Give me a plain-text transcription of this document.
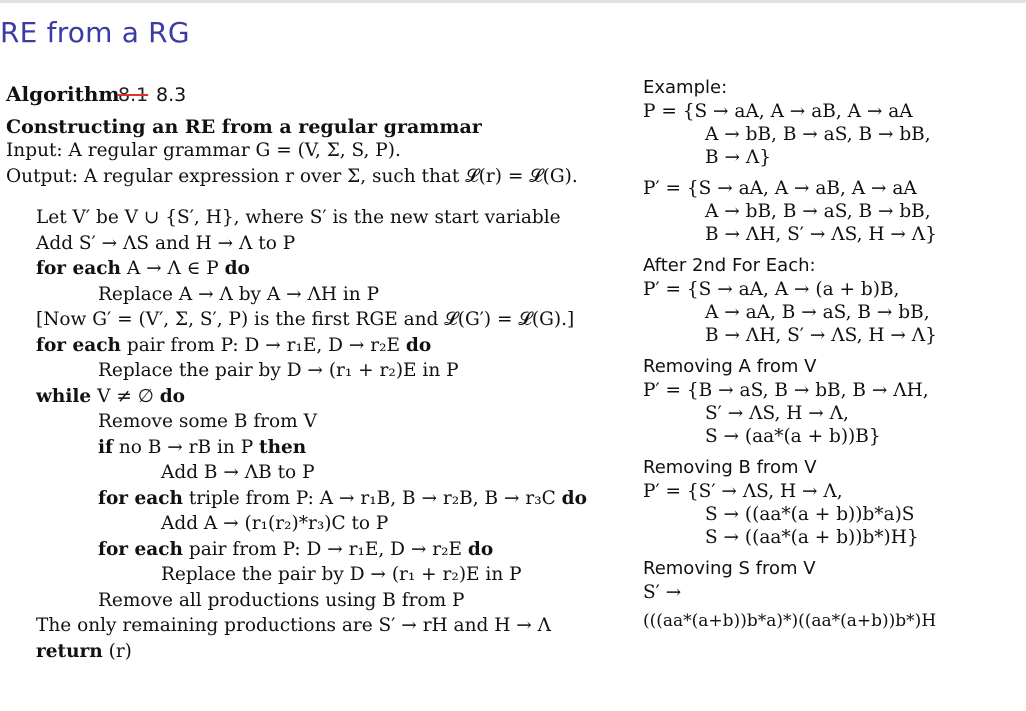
RE from a RG
Algorithm
8.1 8.3
Constructing an RE from a regular grammar
Input: A regular grammar G = (V, Σ, S, P).
Output: A regular expression r over Σ, such that 𝓛(r) = 𝓛(G).
Let V′ be V ∪ {S′, H}, where S′ is the new start variable
Add S′ → ΛS and H → Λ to P
for each A → Λ ∈ P do
Replace A → Λ by A → ΛH in P
[Now G′ = (V′, Σ, S′, P) is the first RGE and 𝓛(G′) = 𝓛(G).]
for each pair from P: D → r₁E, D → r₂E do
Replace the pair by D → (r₁ + r₂)E in P
while V ≠ ∅ do
Remove some B from V
if no B → rB in P then
Add B → ΛB to P
for each triple from P: A → r₁B, B → r₂B, B → r₃C do
Add A → (r₁(r₂)*r₃)C to P
for each pair from P: D → r₁E, D → r₂E do
Replace the pair by D → (r₁ + r₂)E in P
Remove all productions using B from P
The only remaining productions are S′ → rH and H → Λ
return (r)
Example:
P = {S → aA, A → aB, A → aA
A → bB, B → aS, B → bB,
B → Λ}
P′ = {S → aA, A → aB, A → aA
A → bB, B → aS, B → bB,
B → ΛH, S′ → ΛS, H → Λ}
After 2nd For Each:
P′ = {S → aA, A → (a + b)B,
A → aA, B → aS, B → bB,
B → ΛH, S′ → ΛS, H → Λ}
Removing A from V
P′ = {B → aS, B → bB, B → ΛH,
S′ → ΛS, H → Λ,
S → (aa*(a + b))B}
Removing B from V
P′ = {S′ → ΛS, H → Λ,
S → ((aa*(a + b))b*a)S
S → ((aa*(a + b))b*)H}
Removing S from V
S′ →
(((aa*(a+b))b*a)*)((aa*(a+b))b*)H
